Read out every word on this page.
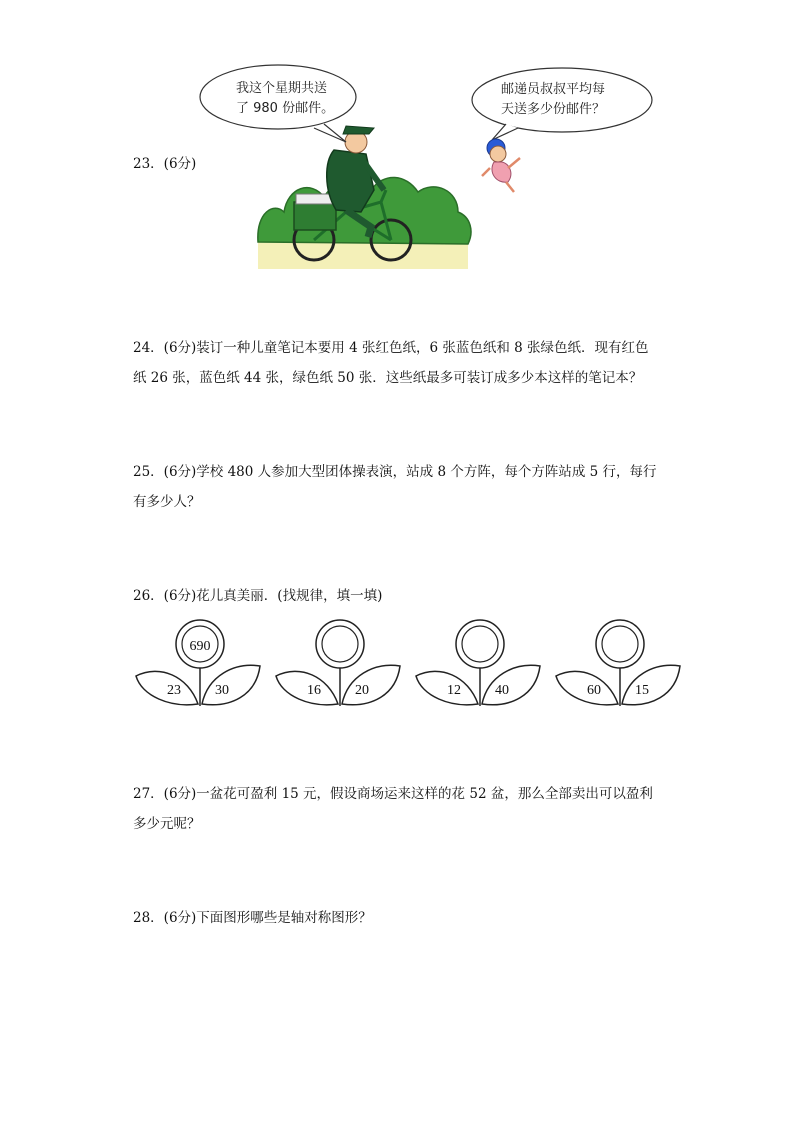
23．(6分)
我这个星期共送
了 980 份邮件。
邮递员叔叔平均每
天送多少份邮件？
24．(6分)装订一种儿童笔记本要用 4 张红色纸，6 张蓝色纸和 8 张绿色纸．现有红色
纸 26 张，蓝色纸 44 张，绿色纸 50 张．这些纸最多可装订成多少本这样的笔记本？
25．(6分)学校 480 人参加大型团体操表演，站成 8 个方阵，每个方阵站成 5 行，每行
有多少人？
26．(6分)花儿真美丽．(找规律，填一填)
690
23 30	16 20	12 40	60 15
27．(6分)一盆花可盈利 15 元，假设商场运来这样的花 52 盆，那么全部卖出可以盈利
多少元呢？
28．(6分)下面图形哪些是轴对称图形？
